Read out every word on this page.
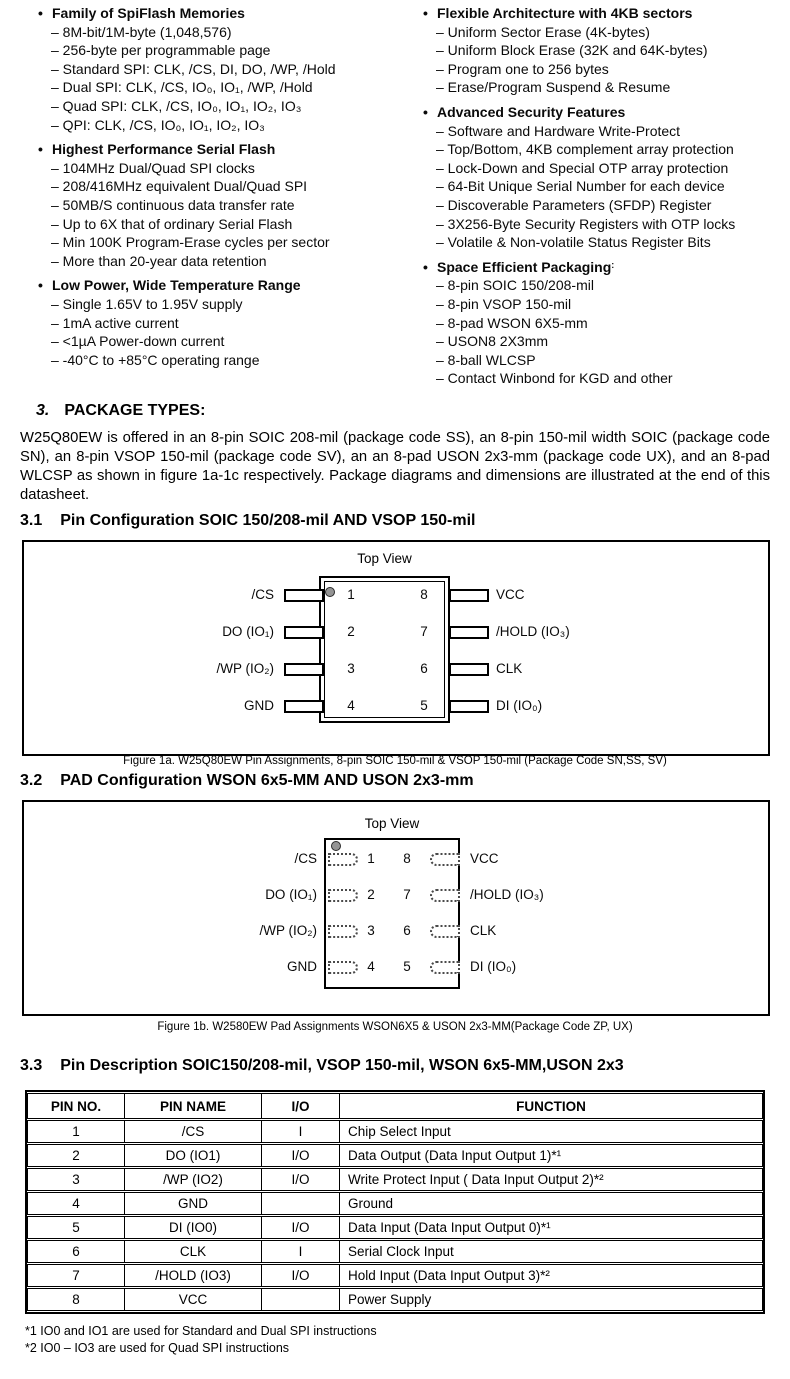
• Family of SpiFlash Memories
– 8M-bit/1M-byte (1,048,576)
– 256-byte per programmable page
– Standard SPI: CLK, /CS, DI, DO, /WP, /Hold
– Dual SPI: CLK, /CS, IO₀, IO₁, /WP, /Hold
– Quad SPI: CLK, /CS, IO₀, IO₁, IO₂, IO₃
– QPI: CLK, /CS, IO₀, IO₁, IO₂, IO₃
• Highest Performance Serial Flash
– 104MHz Dual/Quad SPI clocks
– 208/416MHz equivalent Dual/Quad SPI
– 50MB/S continuous data transfer rate
– Up to 6X that of ordinary Serial Flash
– Min 100K Program-Erase cycles per sector
– More than 20-year data retention
• Low Power, Wide Temperature Range
– Single 1.65V to 1.95V supply
– 1mA active current
– <1µA Power-down current
– -40°C to +85°C operating range
• Flexible Architecture with 4KB sectors
– Uniform Sector Erase (4K-bytes)
– Uniform Block Erase (32K and 64K-bytes)
– Program one to 256 bytes
– Erase/Program Suspend & Resume
• Advanced Security Features
– Software and Hardware Write-Protect
– Top/Bottom, 4KB complement array protection
– Lock-Down and Special OTP array protection
– 64-Bit Unique Serial Number for each device
– Discoverable Parameters (SFDP) Register
– 3X256-Byte Security Registers with OTP locks
– Volatile & Non-volatile Status Register Bits
• Space Efficient Packaging :
– 8-pin SOIC 150/208-mil
– 8-pin VSOP 150-mil
– 8-pad WSON 6X5-mm
– USON8 2X3mm
– 8-ball WLCSP
– Contact Winbond for KGD and other
3. PACKAGE TYPES:
W25Q80EW is offered in an 8-pin SOIC 208-mil (package code SS), an 8-pin 150-mil width SOIC (package code SN), an 8-pin VSOP 150-mil (package code SV), an an 8-pad USON 2x3-mm (package code UX), and an 8-pad WLCSP as shown in figure 1a-1c respectively. Package diagrams and dimensions are illustrated at the end of this datasheet.
3.1 Pin Configuration SOIC 150/208-mil AND VSOP 150-mil
Top View
1
2
3
4
8
7
6
5
/CS
DO (IO₁)
/WP (IO₂)
GND
VCC
/HOLD (IO₃)
CLK
DI (IO₀)
Figure 1a. W25Q80EW Pin Assignments, 8-pin SOIC 150-mil & VSOP 150-mil (Package Code SN,SS, SV)
3.2 PAD Configuration WSON 6x5-MM AND USON 2x3-mm
Top View
1
2
3
4
8
7
6
5
/CS
DO (IO₁)
/WP (IO₂)
GND
VCC
/HOLD (IO₃)
CLK
DI (IO₀)
Figure 1b. W2580EW Pad Assignments WSON6X5 & USON 2x3-MM(Package Code ZP, UX)
3.3 Pin Description SOIC150/208-mil, VSOP 150-mil, WSON 6x5-MM,USON 2x3
PIN NO.	PIN NAME	I/O	FUNCTION
1	/CS	I	Chip Select Input
2	DO (IO1)	I/O	Data Output (Data Input Output 1)*¹
3	/WP (IO2)	I/O	Write Protect Input ( Data Input Output 2)*²
4	GND		Ground
5	DI (IO0)	I/O	Data Input (Data Input Output 0)*¹
6	CLK	I	Serial Clock Input
7	/HOLD (IO3)	I/O	Hold Input (Data Input Output 3)*²
8	VCC		Power Supply
*1 IO0 and IO1 are used for Standard and Dual SPI instructions
*2 IO0 – IO3 are used for Quad SPI instructions
